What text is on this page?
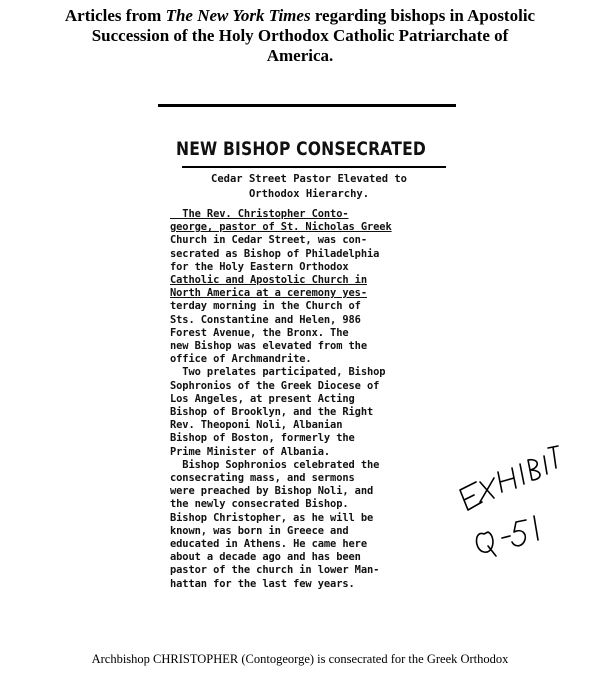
Articles from The New York Times regarding bishops in Apostolic
Succession of the Holy Orthodox Catholic Patriarchate of
America.
NEW BISHOP CONSECRATED
Cedar Street Pastor Elevated to
Orthodox Hierarchy.
The Rev. Christopher Conto-
george, pastor of St. Nicholas Greek
Church in Cedar Street, was con-
secrated as Bishop of Philadelphia
for the Holy Eastern Orthodox
Catholic and Apostolic Church in
North America at a ceremony yes-
terday morning in the Church of
Sts. Constantine and Helen, 986
Forest Avenue, the Bronx. The
new Bishop was elevated from the
office of Archmandrite.
Two prelates participated, Bishop
Sophronios of the Greek Diocese of
Los Angeles, at present Acting
Bishop of Brooklyn, and the Right
Rev. Theoponi Noli, Albanian
Bishop of Boston, formerly the
Prime Minister of Albania.
Bishop Sophronios celebrated the
consecrating mass, and sermons
were preached by Bishop Noli, and
the newly consecrated Bishop.
Bishop Christopher, as he will be
known, was born in Greece and
educated in Athens. He came here
about a decade ago and has been
pastor of the church in lower Man-
hattan for the last few years.
Archbishop CHRISTOPHER (Contogeorge) is consecrated for the Greek Orthodox
